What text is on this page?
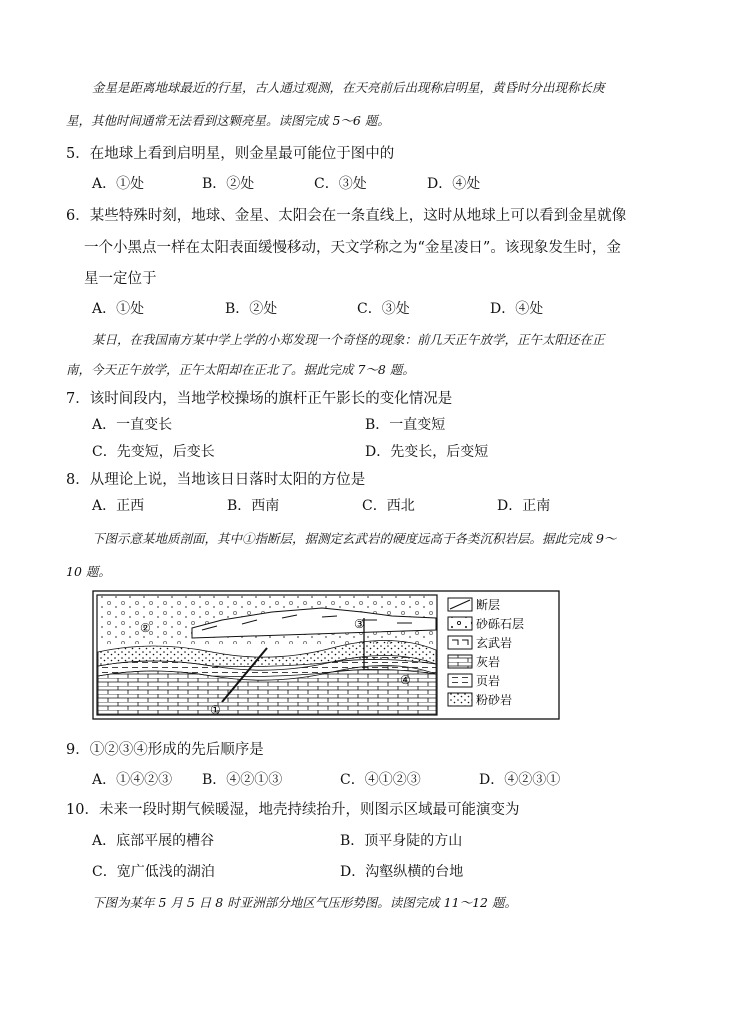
金星是距离地球最近的行星，古人通过观测，在天亮前后出现称启明星，黄昏时分出现称长庚
星，其他时间通常无法看到这颗亮星。读图完成 5～6 题。
5．在地球上看到启明星，则金星最可能位于图中的
A．①处	B．②处	C．③处	D．④处
6．某些特殊时刻，地球、金星、太阳会在一条直线上，这时从地球上可以看到金星就像
一个小黑点一样在太阳表面缓慢移动，天文学称之为“金星凌日”。该现象发生时，金
星一定位于
A．①处	B．②处	C．③处	D．④处
某日，在我国南方某中学上学的小郑发现一个奇怪的现象：前几天正午放学，正午太阳还在正
南，今天正午放学，正午太阳却在正北了。据此完成 7～8 题。
7．该时间段内，当地学校操场的旗杆正午影长的变化情况是
A．一直变长	B．一直变短
C．先变短，后变长	D．先变长，后变短
8．从理论上说，当地该日日落时太阳的方位是
A．正西	B．西南	C．西北	D．正南
下图示意某地质剖面，其中①指断层，据测定玄武岩的硬度远高于各类沉积岩层。据此完成 9～
10 题。
②	③
④
①
断层
砂砾石层
玄武岩
灰岩
页岩
粉砂岩
9．①②③④形成的先后顺序是
A．①④②③ B．④②①③	C．④①②③	D．④②③①
10．未来一段时期气候暖湿，地壳持续抬升，则图示区域最可能演变为
A．底部平展的槽谷	B．顶平身陡的方山
C．宽广低浅的湖泊	D．沟壑纵横的台地
下图为某年 5 月 5 日 8 时亚洲部分地区气压形势图。读图完成 11～12 题。
